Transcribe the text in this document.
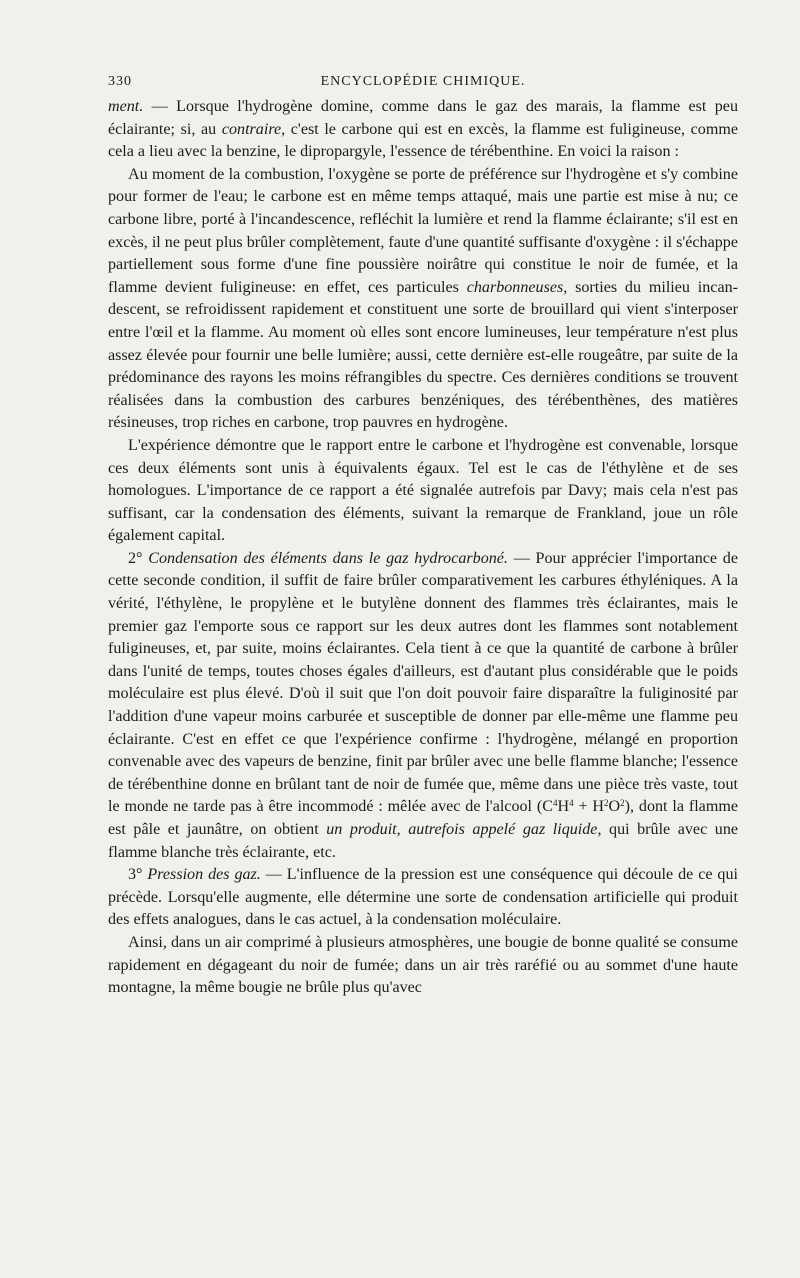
330	ENCYCLOPÉDIE CHIMIQUE.

ment. — Lorsque l'hydrogène domine, comme dans le gaz des marais, la flamme est peu éclairante; si, au contraire, c'est le carbone qui est en excès, la flamme est fuligineuse, comme cela a lieu avec la benzine, le dipropargyle, l'essence de térébenthine. En voici la raison :

Au moment de la combustion, l'oxygène se porte de préférence sur l'hydrogène et s'y combine pour former de l'eau; le carbone est en même temps attaqué, mais une partie est mise à nu; ce carbone libre, porté à l'incandescence, refléchit la lumière et rend la flamme éclairante; s'il est en excès, il ne peut plus brûler complètement, faute d'une quantité suffisante d'oxygène : il s'échappe partiellement sous forme d'une fine poussière noirâtre qui constitue le noir de fumée, et la flamme devient fuligineuse: en effet, ces particules charbonneuses, sorties du milieu incandescent, se refroidissent rapidement et constituent une sorte de brouillard qui vient s'interposer entre l'œil et la flamme. Au moment où elles sont encore lumineuses, leur température n'est plus assez élevée pour fournir une belle lumière; aussi, cette dernière est-elle rougeâtre, par suite de la prédominance des rayons les moins réfrangibles du spectre. Ces dernières conditions se trouvent réalisées dans la combustion des carbures benzéniques, des térébenthènes, des matières résineuses, trop riches en carbone, trop pauvres en hydrogène.

L'expérience démontre que le rapport entre le carbone et l'hydrogène est convenable, lorsque ces deux éléments sont unis à équivalents égaux. Tel est le cas de l'éthylène et de ses homologues. L'importance de ce rapport a été signalée autrefois par Davy; mais cela n'est pas suffisant, car la condensation des éléments, suivant la remarque de Frankland, joue un rôle également capital.

2° Condensation des éléments dans le gaz hydrocarboné. — Pour apprécier l'importance de cette seconde condition, il suffit de faire brûler comparativement les carbures éthyléniques. A la vérité, l'éthylène, le propylène et le butylène donnent des flammes très éclairantes, mais le premier gaz l'emporte sous ce rapport sur les deux autres dont les flammes sont notablement fuligineuses, et, par suite, moins éclairantes. Cela tient à ce que la quantité de carbone à brûler dans l'unité de temps, toutes choses égales d'ailleurs, est d'autant plus considérable que le poids moléculaire est plus élevé. D'où il suit que l'on doit pouvoir faire disparaître la fuliginosité par l'addition d'une vapeur moins carburée et susceptible de donner par elle-même une flamme peu éclairante. C'est en effet ce que l'expérience confirme : l'hydrogène, mélangé en proportion convenable avec des vapeurs de benzine, finit par brûler avec une belle flamme blanche; l'essence de térébenthine donne en brûlant tant de noir de fumée que, même dans une pièce très vaste, tout le monde ne tarde pas à être incommodé : mêlée avec de l'alcool $(C^4H^4 + H^2O^2)$, dont la flamme est pâle et jaunâtre, on obtient un produit, autrefois appelé gaz liquide, qui brûle avec une flamme blanche très éclairante, etc.

3° Pression des gaz. — L'influence de la pression est une conséquence qui découle de ce qui précède. Lorsqu'elle augmente, elle détermine une sorte de condensation artificielle qui produit des effets analogues, dans le cas actuel, à la condensation moléculaire.

Ainsi, dans un air comprimé à plusieurs atmosphères, une bougie de bonne qualité se consume rapidement en dégageant du noir de fumée; dans un air très raréfié ou au sommet d'une haute montagne, la même bougie ne brûle plus qu'avec
